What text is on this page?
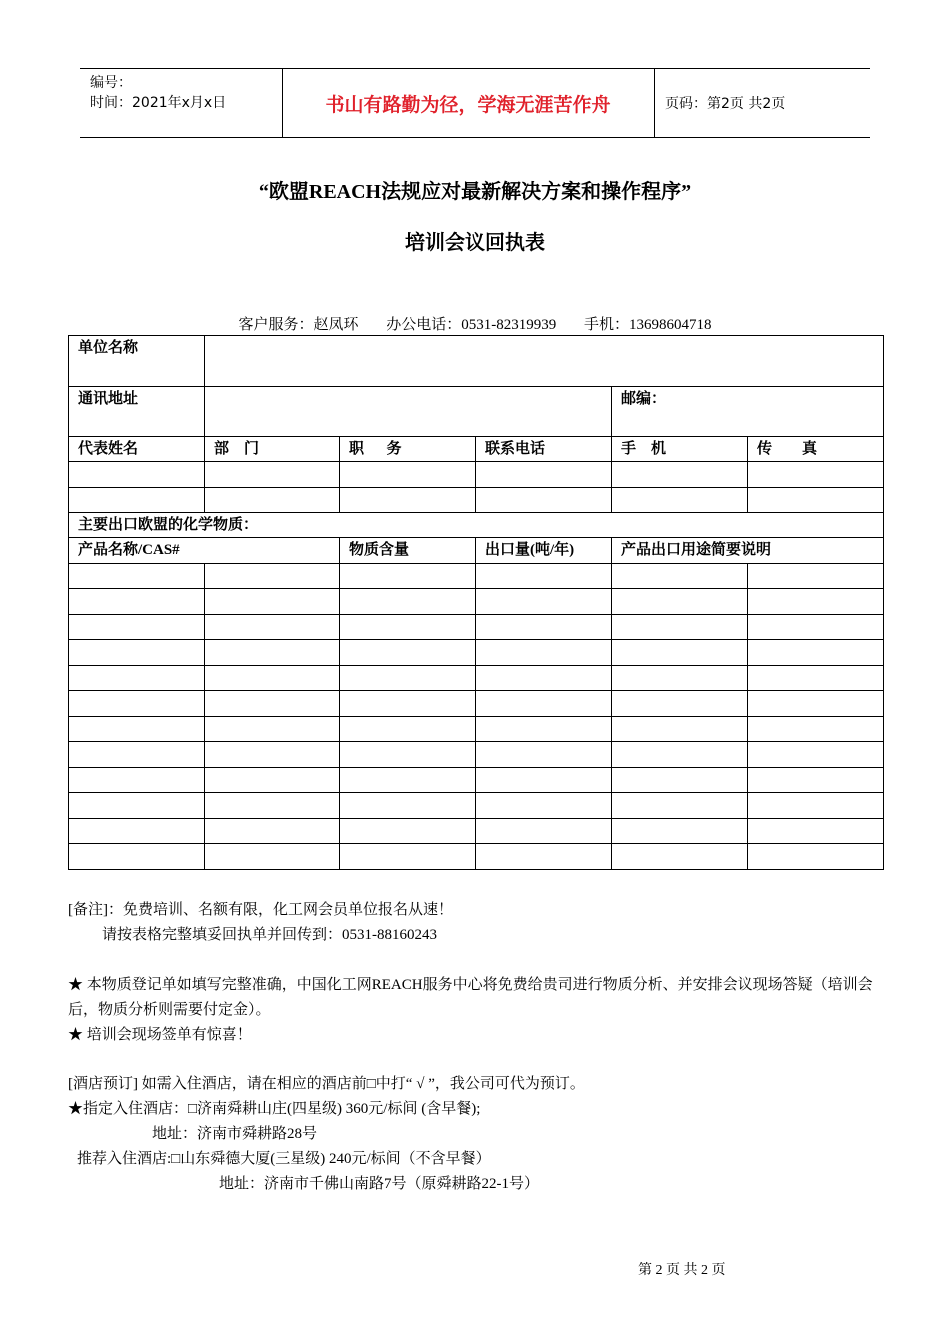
编号：
时间：2021年x月x日	书山有路勤为径，学海无涯苦作舟	页码：第2页 共2页
“欧盟REACH法规应对最新解决方案和操作程序”
培训会议回执表
客户服务：赵凤环 办公电话：0531-82319939 手机：13698604718
单位名称					
通讯地址				邮编：	
代表姓名	部    门	职      务	联系电话	手    机	传        真

主要出口欧盟的化学物质：					
产品名称/CAS#		物质含量	出口量(吨/年)	产品出口用途简要说明	

[备注]：免费培训、名额有限，化工网会员单位报名从速！
请按表格完整填妥回执单并回传到：0531-88160243
★ 本物质登记单如填写完整准确，中国化工网REACH服务中心将免费给贵司进行物质分析、并安排会议现场答疑（培训会后，物质分析则需要付定金）。
★ 培训会现场签单有惊喜！
[酒店预订] 如需入住酒店，请在相应的酒店前□中打“ √ ”，我公司可代为预订。
★指定入住酒店：□济南舜耕山庄(四星级) 360元/标间 (含早餐);
地址：济南市舜耕路28号
推荐入住酒店:□山东舜德大厦(三星级) 240元/标间（不含早餐）
地址：济南市千佛山南路7号（原舜耕路22-1号）
第 2 页 共 2 页
